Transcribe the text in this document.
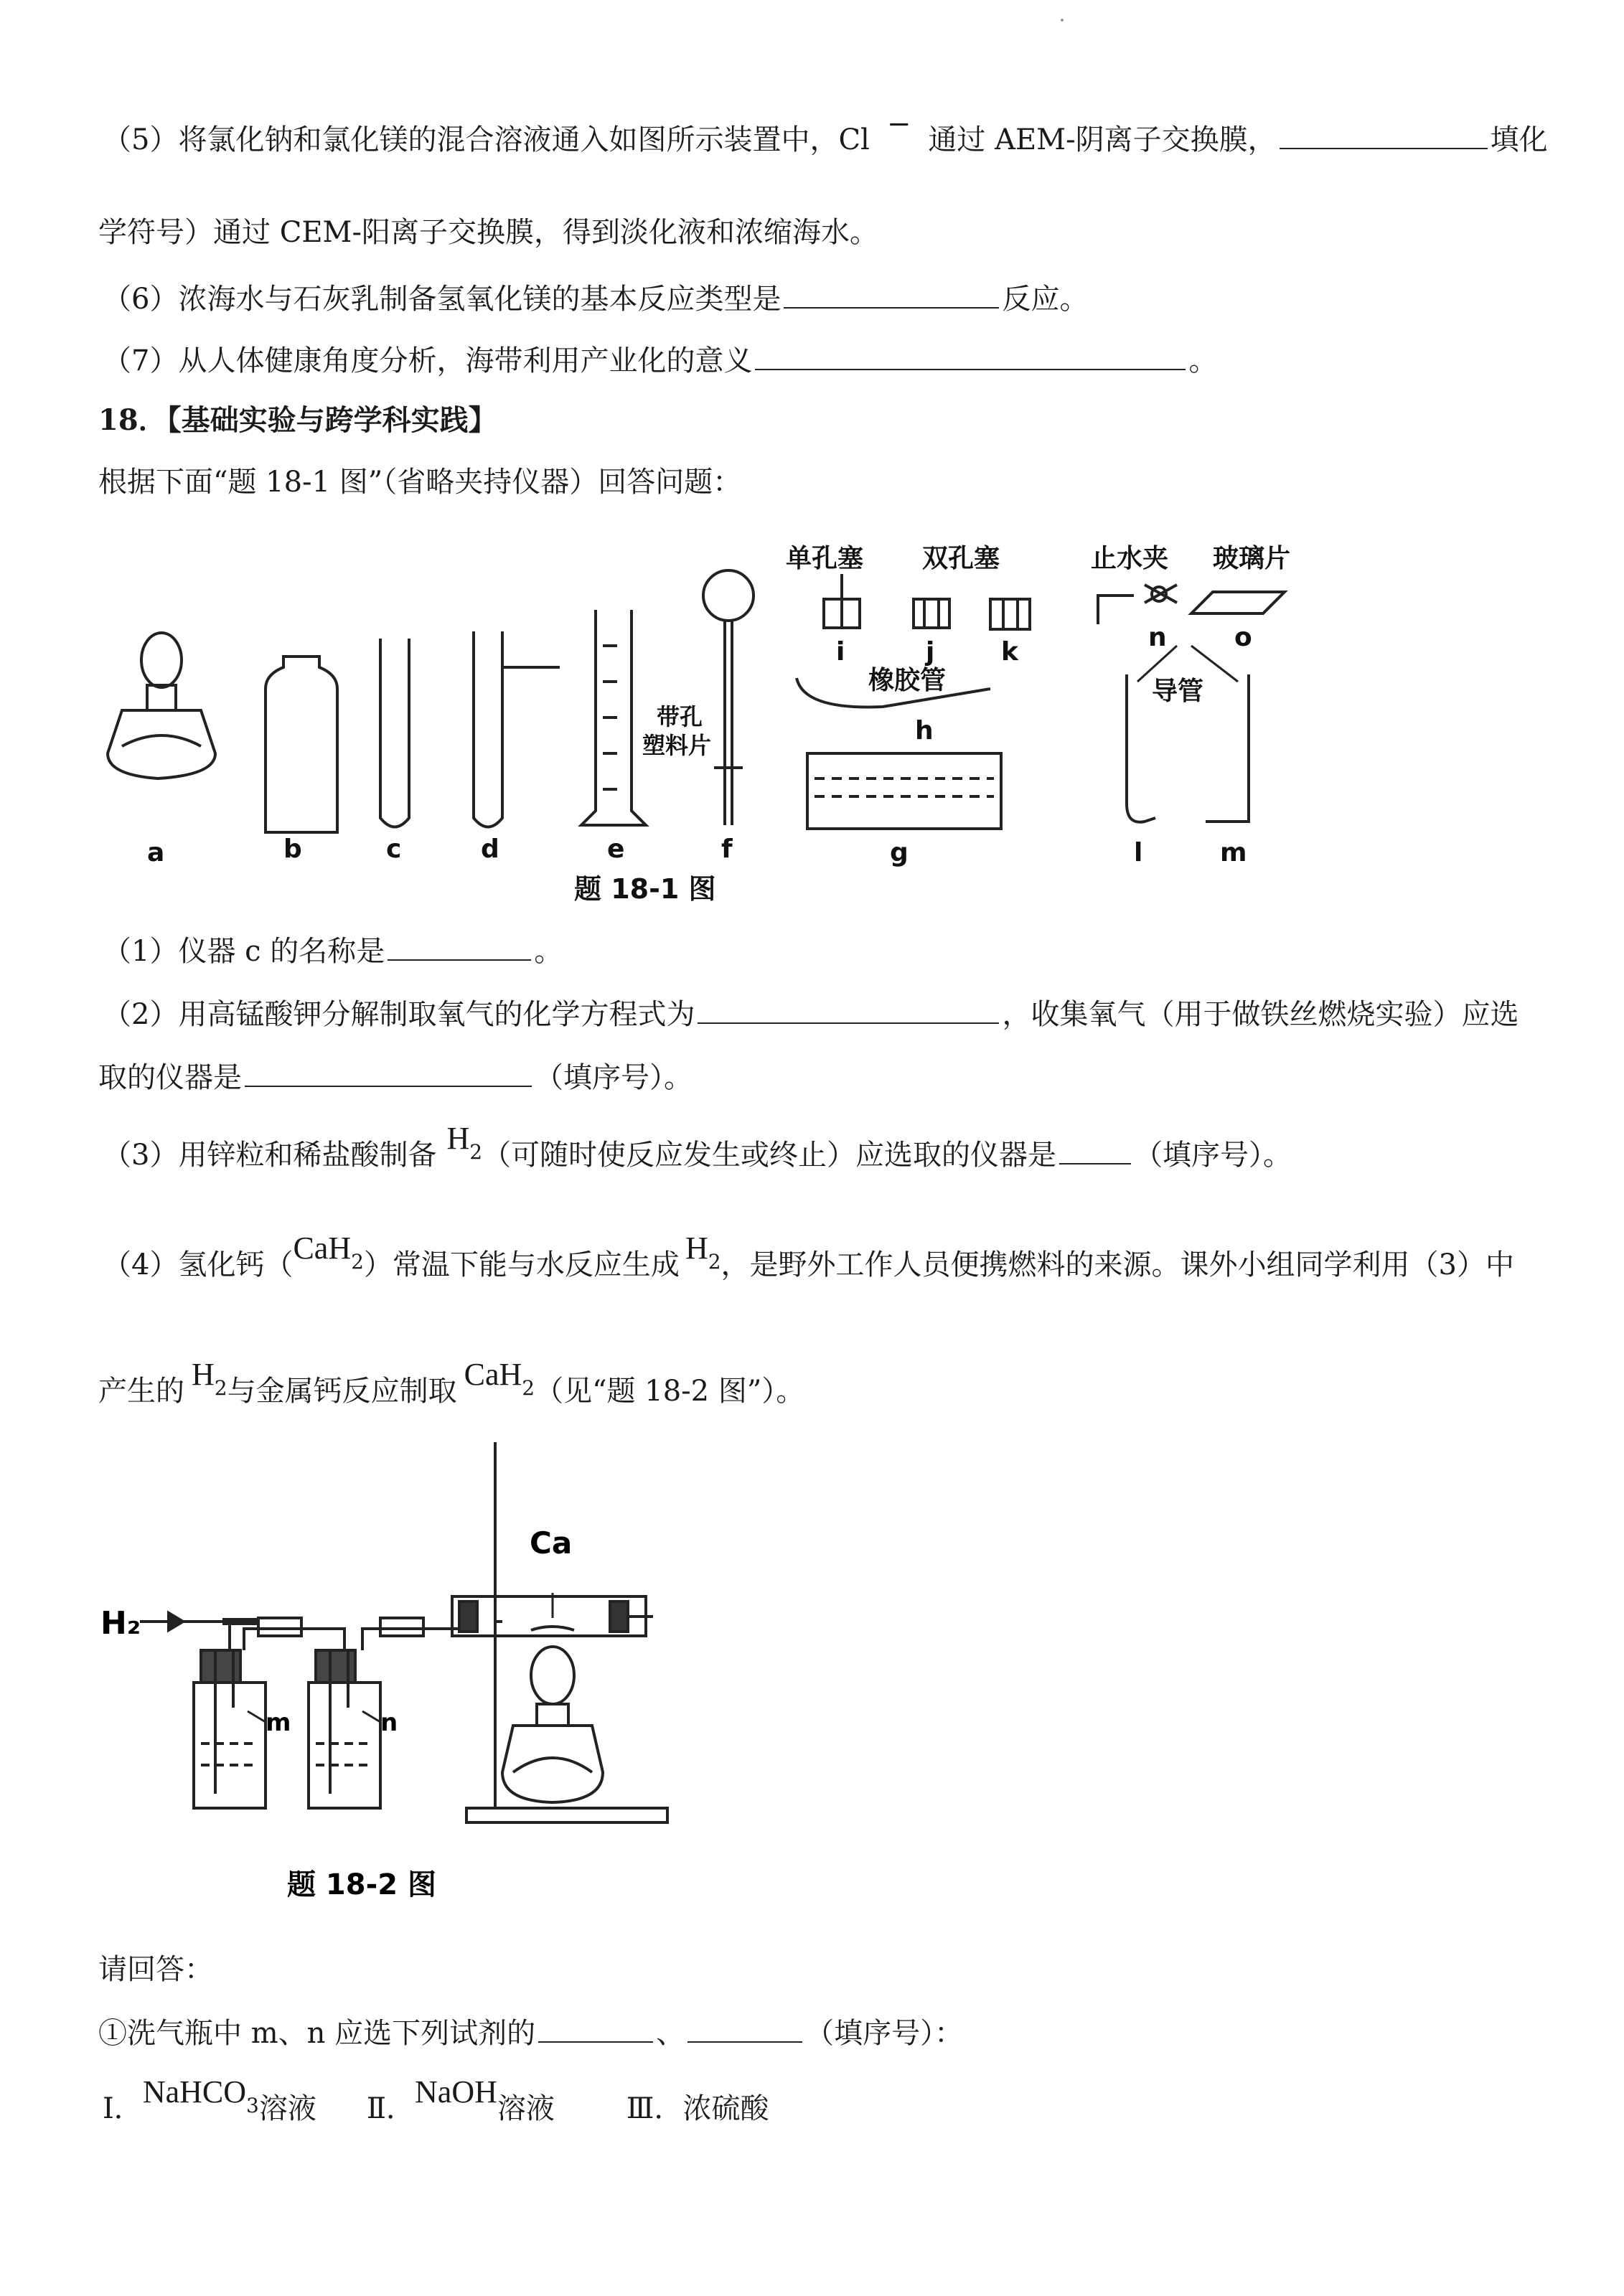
（5）将氯化钠和氯化镁的混合溶液通入如图所示装置中，Cl − 通过 AEM-阴离子交换膜，	填化
学符号）通过 CEM-阳离子交换膜，得到淡化液和浓缩海水。
（6）浓海水与石灰乳制备氢氧化镁的基本反应类型是	反应。
（7）从人体健康角度分析，海带利用产业化的意义	。
18．【基础实验与跨学科实践】
根据下面“题 18-1 图”（省略夹持仪器）回答问题：
a	b	c	d	e	f	g
h
i	j	k
l	m
n	o
单孔塞 双孔塞	止水夹 玻璃片
橡胶管	导管
带孔
塑料片
题 18-1 图
（1）仪器 c 的名称是	。
（2）用高锰酸钾分解制取氧气的化学方程式为	，收集氧气（用于做铁丝燃烧实验）应选
取的仪器是	（填序号）。
（3）用锌粒和稀盐酸制备 $H^2$（可随时使反应发生或终止）应选取的仪器是	（填序号）。
（4）氢化钙（CaH$^2$）常温下能与水反应生成 $H^2$，是野外工作人员便携燃料的来源。课外小组同学利用（3）中
产生的 $H^2$与金属钙反应制取 CaH$^2$（见“题 18-2 图”）。
H₂
Ca
m	n
题 18-2 图
请回答：
①洗气瓶中 m、n 应选下列试剂的	、	（填序号）：
Ⅰ．NaHCO$^3$溶液 Ⅱ．NaOH溶液	Ⅲ．浓硫酸
